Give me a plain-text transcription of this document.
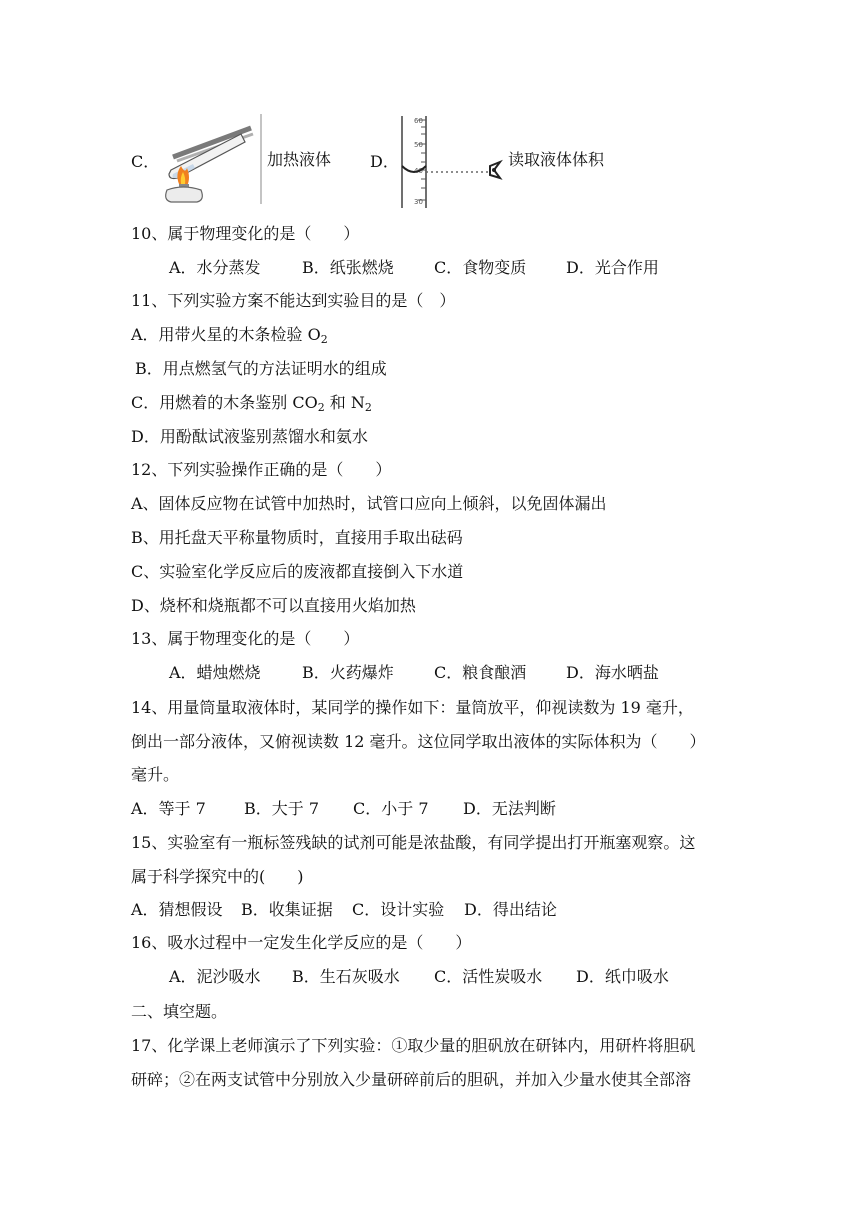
C．	加热液体 D．
60
50
40
30
读取液体体积
10、属于物理变化的是（　　）
A．水分蒸发	B．纸张燃烧	C．食物变质 D．光合作用
11、下列实验方案不能达到实验目的是（　）
A．用带火星的木条检验 $O_2$
B．用点燃氢气的方法证明水的组成
C．用燃着的木条鉴别 $CO_2$ 和 $N_2$
D．用酚酞试液鉴别蒸馏水和氨水
12、下列实验操作正确的是（　　）
A、固体反应物在试管中加热时，试管口应向上倾斜，以免固体漏出
B、用托盘天平称量物质时，直接用手取出砝码
C、实验室化学反应后的废液都直接倒入下水道
D、烧杯和烧瓶都不可以直接用火焰加热
13、属于物理变化的是（　　）
A．蜡烛燃烧	B．火药爆炸	C．粮食酿酒 D．海水晒盐
14、用量筒量取液体时，某同学的操作如下：量筒放平，仰视读数为 19 毫升，
倒出一部分液体，又俯视读数 12 毫升。这位同学取出液体的实际体积为（　　）
毫升。
A．等于 7 B．大于 7 C．小于 7 D．无法判断
15、实验室有一瓶标签残缺的试剂可能是浓盐酸，有同学提出打开瓶塞观察。这
属于科学探究中的(　　)
A．猜想假设 B．收集证据 C．设计实验 D．得出结论
16、吸水过程中一定发生化学反应的是（　　）
A．泥沙吸水 B．生石灰吸水 C．活性炭吸水 D．纸巾吸水
二、填空题。
17、化学课上老师演示了下列实验：①取少量的胆矾放在研钵内，用研杵将胆矾
研碎；②在两支试管中分别放入少量研碎前后的胆矾，并加入少量水使其全部溶
